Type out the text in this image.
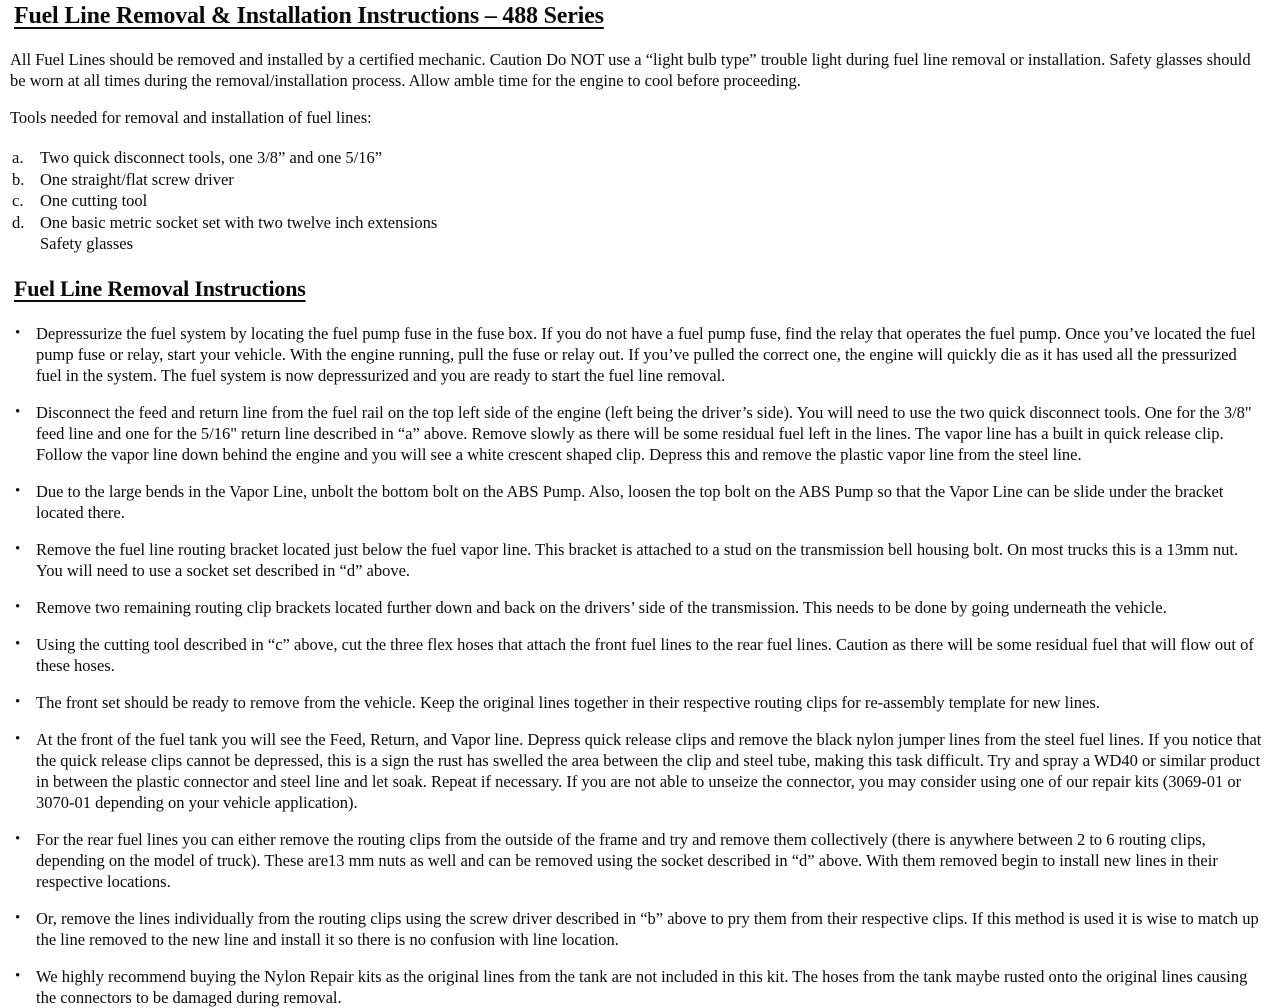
Fuel Line Removal & Installation Instructions – 488 Series

All Fuel Lines should be removed and installed by a certified mechanic. Caution Do NOT use a “light bulb type” trouble light during fuel line removal or installation. Safety glasses should be worn at all times during the removal/installation process. Allow amble time for the engine to cool before proceeding.

Tools needed for removal and installation of fuel lines:

a.	Two quick disconnect tools, one 3/8” and one 5/16”
b. One straight/flat screw driver
c.	One cutting tool
d. One basic metric socket set with two twelve inch extensions
Safety glasses
Fuel Line Removal Instructions
• Depressurize the fuel system by locating the fuel pump fuse in the fuse box. If you do not have a fuel pump fuse, find the relay that operates the fuel pump. Once you’ve located the fuel pump fuse or relay, start your vehicle. With the engine running, pull the fuse or relay out. If you’ve pulled the correct one, the engine will quickly die as it has used all the pressurized fuel in the system. The fuel system is now depressurized and you are ready to start the fuel line removal.
• Disconnect the feed and return line from the fuel rail on the top left side of the engine (left being the driver’s side). You will need to use the two quick disconnect tools. One for the 3/8" feed line and one for the 5/16" return line described in “a” above. Remove slowly as there will be some residual fuel left in the lines. The vapor line has a built in quick release clip. Follow the vapor line down behind the engine and you will see a white crescent shaped clip. Depress this and remove the plastic vapor line from the steel line.
• Due to the large bends in the Vapor Line, unbolt the bottom bolt on the ABS Pump. Also, loosen the top bolt on the ABS Pump so that the Vapor Line can be slide under the bracket located there.
• Remove the fuel line routing bracket located just below the fuel vapor line. This bracket is attached to a stud on the transmission bell housing bolt. On most trucks this is a 13mm nut. You will need to use a socket set described in “d” above.
• Remove two remaining routing clip brackets located further down and back on the drivers’ side of the transmission. This needs to be done by going underneath the vehicle.
• Using the cutting tool described in “c” above, cut the three flex hoses that attach the front fuel lines to the rear fuel lines. Caution as there will be some residual fuel that will flow out of these hoses.
• The front set should be ready to remove from the vehicle. Keep the original lines together in their respective routing clips for re-assembly template for new lines.
• At the front of the fuel tank you will see the Feed, Return, and Vapor line. Depress quick release clips and remove the black nylon jumper lines from the steel fuel lines. If you notice that the quick release clips cannot be depressed, this is a sign the rust has swelled the area between the clip and steel tube, making this task difficult. Try and spray a WD40 or similar product in between the plastic connector and steel line and let soak. Repeat if necessary. If you are not able to unseize the connector, you may consider using one of our repair kits (3069-01 or 3070-01 depending on your vehicle application).
• For the rear fuel lines you can either remove the routing clips from the outside of the frame and try and remove them collectively (there is anywhere between 2 to 6 routing clips, depending on the model of truck). These are13 mm nuts as well and can be removed using the socket described in “d” above. With them removed begin to install new lines in their respective locations.
• Or, remove the lines individually from the routing clips using the screw driver described in “b” above to pry them from their respective clips. If this method is used it is wise to match up the line removed to the new line and install it so there is no confusion with line location.
• We highly recommend buying the Nylon Repair kits as the original lines from the tank are not included in this kit. The hoses from the tank maybe rusted onto the original lines causing the connectors to be damaged during removal.
